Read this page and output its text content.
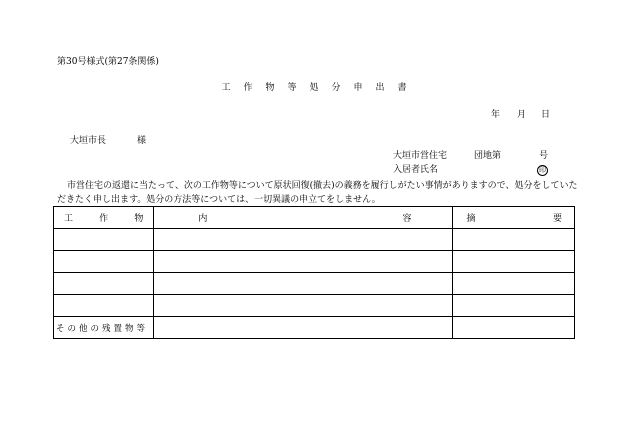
第30号様式(第27条関係)
工　作　物　等　処　分　申　出　書
年 月 日
大垣市長	様
大垣市営住宅	団地第	号
入居者氏名	印
市営住宅の返還に当たって、次の工作物等について原状回復(撤去)の義務を履行しがたい事情がありますので、処分をしていただきたく申し出ます。処分の方法等については、一切異議の申立てをしません。
工 作 物	内 容	摘 要

その他の残置物等		
